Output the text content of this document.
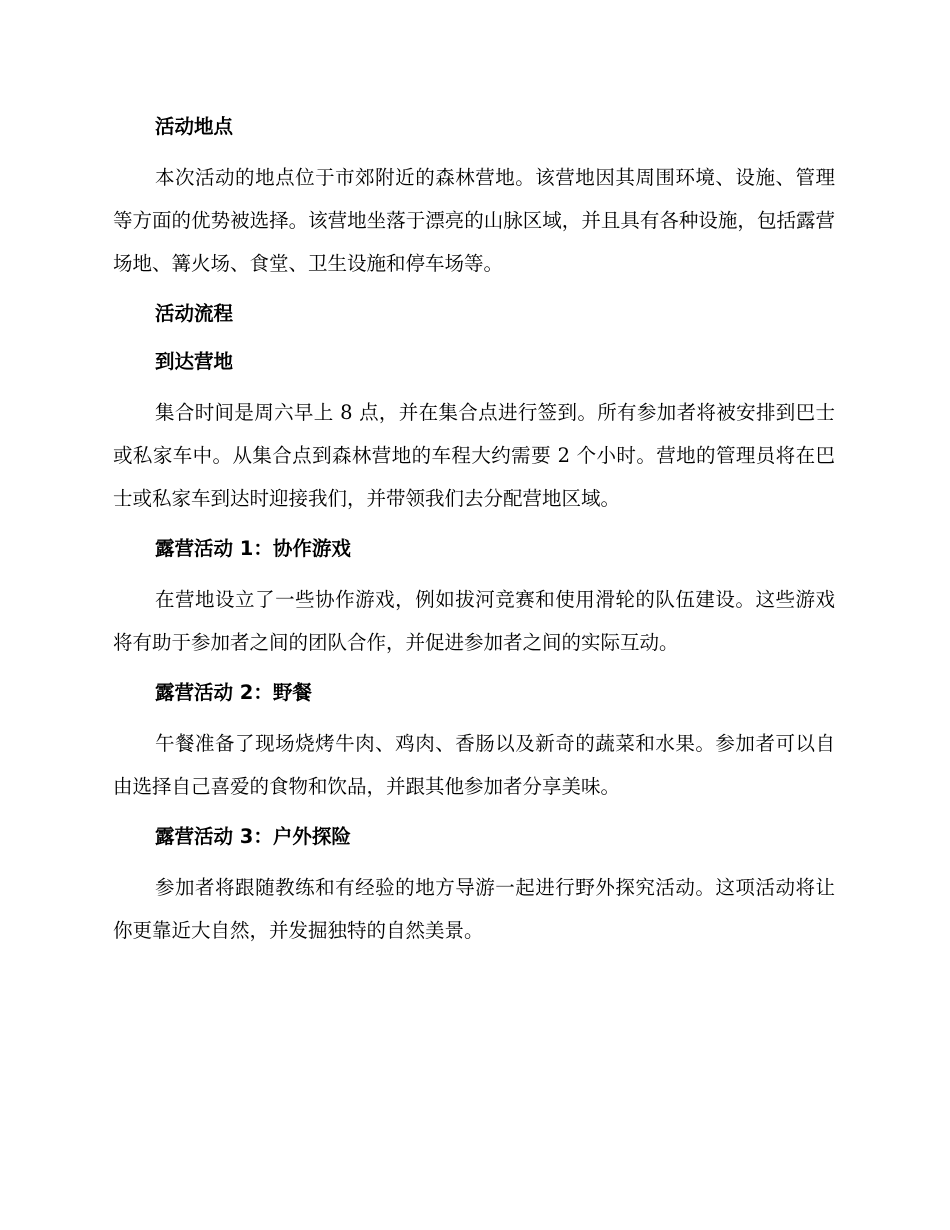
活动地点

本次活动的地点位于市郊附近的森林营地。该营地因其周围环境、设施、管理等方面的优势被选择。该营地坐落于漂亮的山脉区域，并且具有各种设施，包括露营场地、篝火场、食堂、卫生设施和停车场等。

活动流程
到达营地

集合时间是周六早上 8 点，并在集合点进行签到。所有参加者将被安排到巴士或私家车中。从集合点到森林营地的车程大约需要 2 个小时。营地的管理员将在巴士或私家车到达时迎接我们，并带领我们去分配营地区域。

露营活动 1：协作游戏

在营地设立了一些协作游戏，例如拔河竞赛和使用滑轮的队伍建设。这些游戏将有助于参加者之间的团队合作，并促进参加者之间的实际互动。

露营活动 2：野餐

午餐准备了现场烧烤牛肉、鸡肉、香肠以及新奇的蔬菜和水果。参加者可以自由选择自己喜爱的食物和饮品，并跟其他参加者分享美味。

露营活动 3：户外探险

参加者将跟随教练和有经验的地方导游一起进行野外探究活动。这项活动将让你更靠近大自然，并发掘独特的自然美景。
